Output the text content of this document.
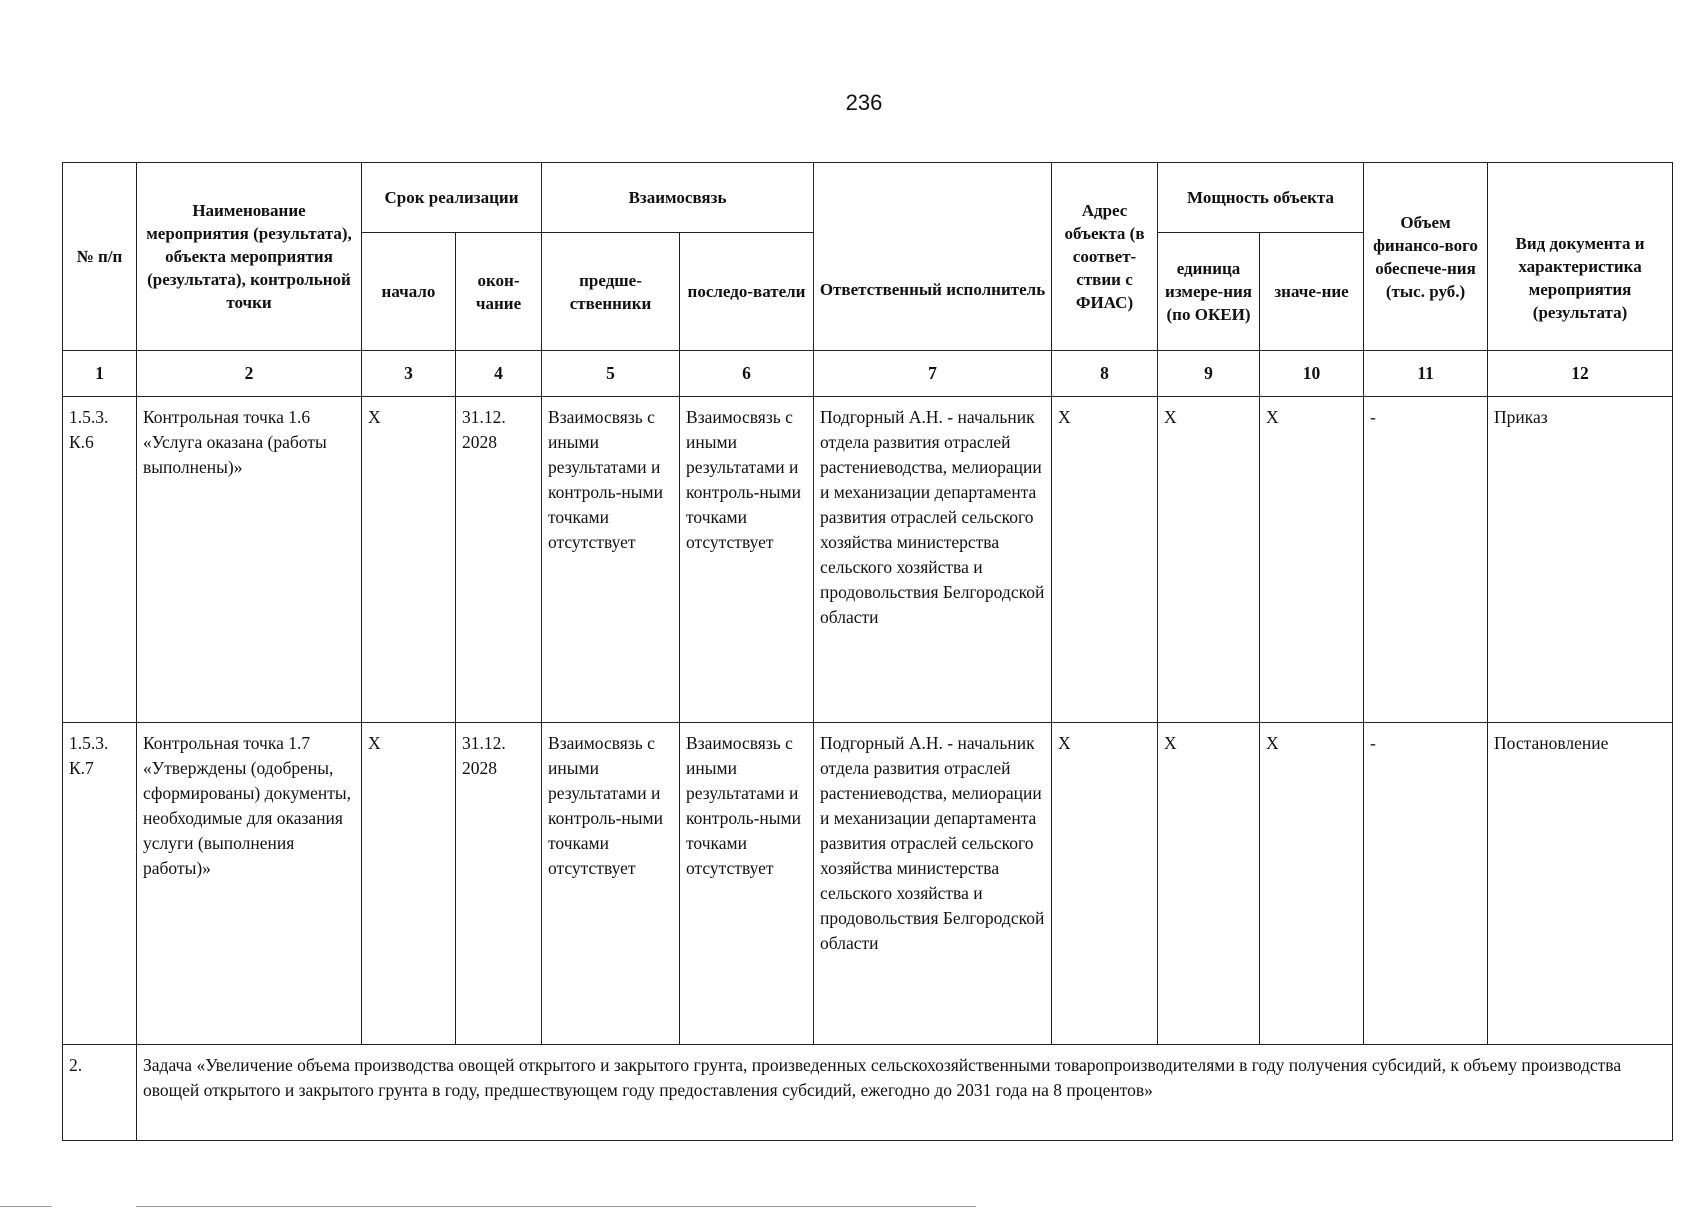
236
№ п/п	Наименование мероприятия (результата), объекта мероприятия (результата), контрольной точки	Срок реализации		Взаимосвязь		Ответственный исполнитель	Адрес объекта (в соответ-ствии с ФИАС)	Мощность объекта		Объем финансо-вого обеспече-ния (тыс. руб.)	Вид документа и характеристика мероприятия (результата)
		начало	окон-чание	предше-ственники	последо-ватели			единица измере-ния (по ОКЕИ)	значе-ние		
1	2	3	4	5	6	7	8	9	10	11	12
1.5.3. К.6	Контрольная точка 1.6 «Услуга оказана (работы выполнены)»	X	31.12. 2028	Взаимосвязь с иными результатами и контроль-ными точками отсутствует	Взаимосвязь с иными результатами и контроль-ными точками отсутствует	Подгорный А.Н. - начальник отдела развития отраслей растениеводства, мелиорации и механизации департамента развития отраслей сельского хозяйства министерства сельского хозяйства и продовольствия Белгородской области	X	X	X	-	Приказ
1.5.3. К.7	Контрольная точка 1.7 «Утверждены (одобрены, сформированы) документы, необходимые для оказания услуги (выполнения работы)»	X	31.12. 2028	Взаимосвязь с иными результатами и контроль-ными точками отсутствует	Взаимосвязь с иными результатами и контроль-ными точками отсутствует	Подгорный А.Н. - начальник отдела развития отраслей растениеводства, мелиорации и механизации департамента развития отраслей сельского хозяйства министерства сельского хозяйства и продовольствия Белгородской области	X	X	X	-	Постановление
2.	Задача «Увеличение объема производства овощей открытого и закрытого грунта, произведенных сельскохозяйственными товаропроизводителями в году получения субсидий, к объему производства овощей открытого и закрытого грунта в году, предшествующем году предоставления субсидий, ежегодно до 2031 года на 8 процентов»										
